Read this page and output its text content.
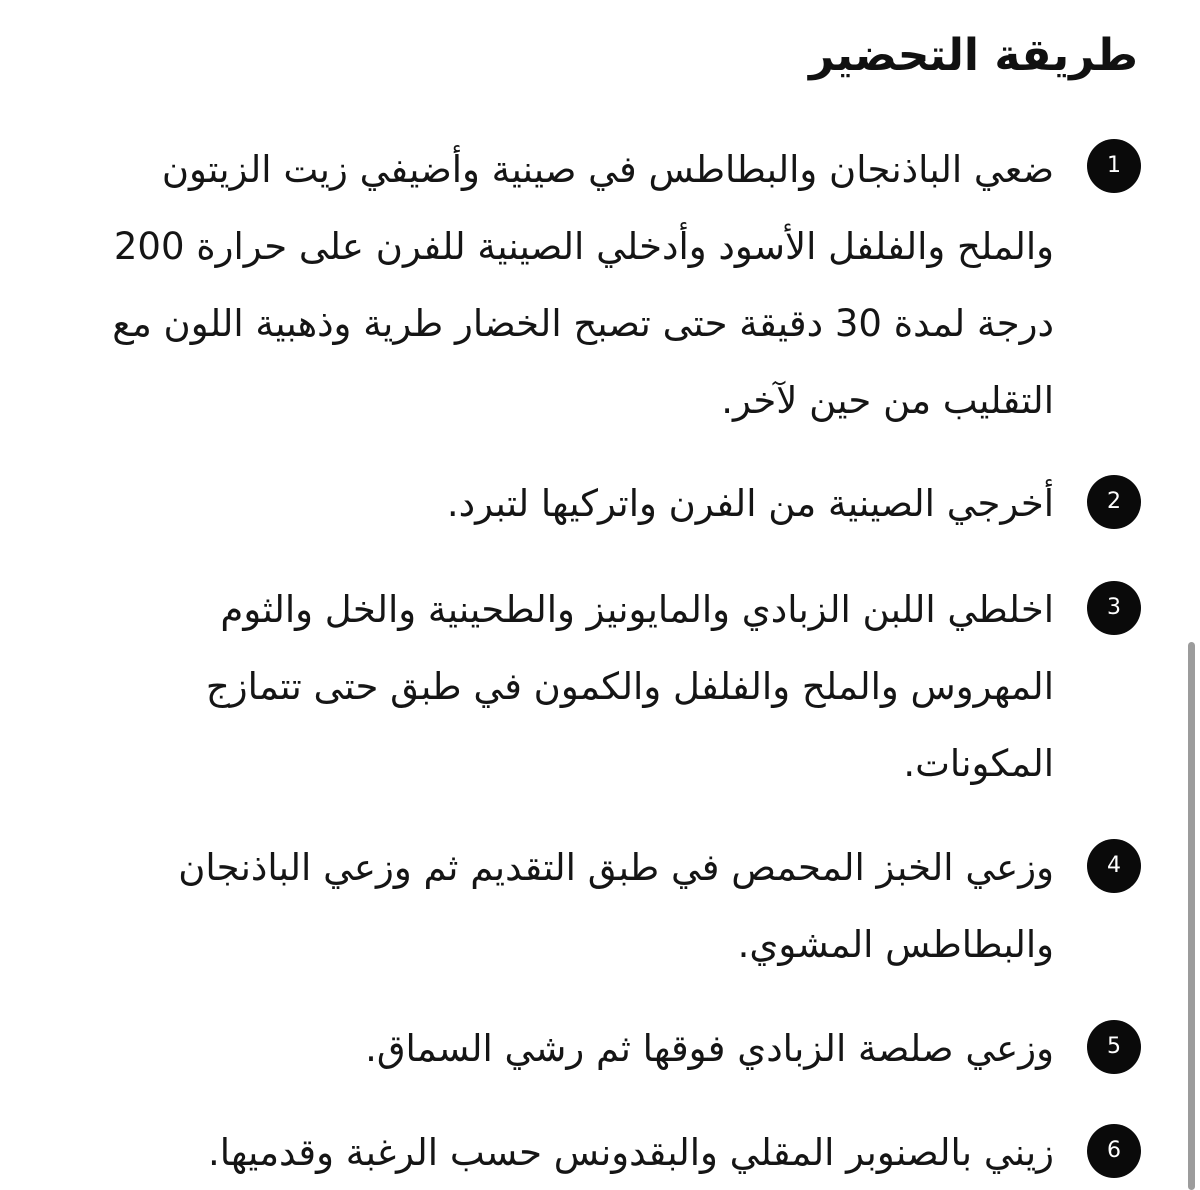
طريقة التحضير
1

ضعي الباذنجان والبطاطس في صينية وأضيفي زيت الزيتون والملح والفلفل الأسود وأدخلي الصينية للفرن على حرارة 200 درجة لمدة 30 دقيقة حتى تصبح الخضار طرية وذهبية اللون مع التقليب من حين لآخر.

2

أخرجي الصينية من الفرن واتركيها لتبرد.

3

اخلطي اللبن الزبادي والمايونيز والطحينية والخل والثوم المهروس والملح والفلفل والكمون في طبق حتى تتمازج المكونات.

4

وزعي الخبز المحمص في طبق التقديم ثم وزعي الباذنجان والبطاطس المشوي.

5

وزعي صلصة الزبادي فوقها ثم رشي السماق.

6

زيني بالصنوبر المقلي والبقدونس حسب الرغبة وقدميها.
